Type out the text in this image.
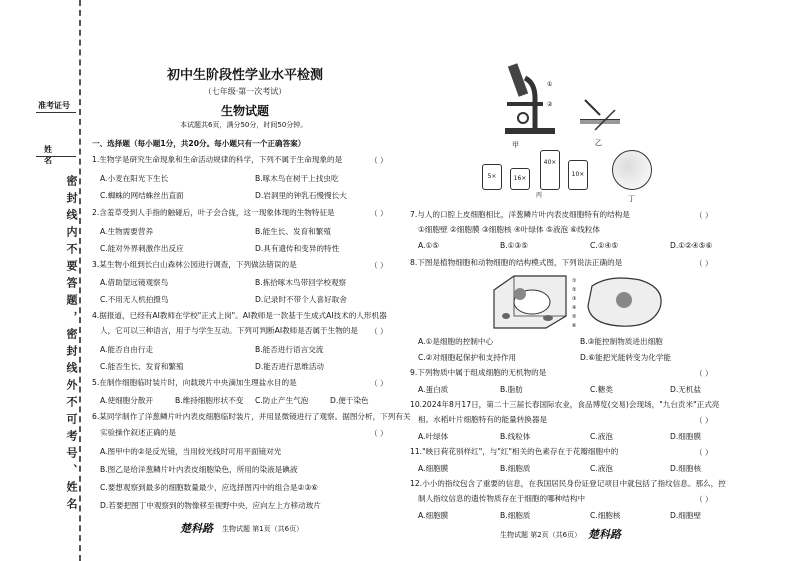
准考证号
姓名
密封线内不要答题，密封线外不可考号、姓名
初中生阶段性学业水平检测
（七年级·第一次考试）
生物试题
本试题共6页，满分50分，时间50分钟。
一、选择题（每小题1分，共20分。每小题只有一个正确答案）
1.生物学是研究生命现象和生命活动规律的科学，下列不属于生命现象的是	（ ）
A.小麦在阳光下生长	B.啄木鸟在树干上找虫吃
C.蜘蛛的网结蛛丝出直面	D.岩洞里的钟乳石慢慢长大
2.含羞草受到人手指的触碰后，叶子会合拢，这一现象体现的生物特征是	（ ）
A.生物需要营养	B.能生长、发育和繁殖
C.能对外界刺激作出反应	D.具有遗传和变异的特性
3.某生物小组到长白山森林公园进行调查，下列做法错误的是	（ ）
A.借助望远镜观察鸟	B.拣拾啄木鸟带回学校观察
C.不用无人机拍摄鸟	D.记录时不带个人喜好取舍
4.据报道，已经有AI教师在学校"正式上岗"。AI教师是一款基于生成式AI技术的人形机器
人，它可以三种语言，用于与学生互动。下列可判断AI教师是否属于生物的是 （ ）
A.能否自由行走	B.能否进行语言交流
C.能否生长、发育和繁殖	D.能否进行思维活动
5.在制作细胞临时装片时，向载玻片中央滴加生理盐水目的是	（ ）
A.使细胞分散开	B.维持细胞形状不变 C.防止产生气泡	D.便于染色
6.某同学制作了洋葱鳞片叶内表皮细胞临时装片，并用显微镜进行了观察。据图分析，下列有关
实验操作叙述正确的是	（ ）
A.图甲中的②是反光镜，当用较光线时可用平面镜对光
B.图乙是给洋葱鳞片叶内表皮细胞染色，所用的染液是碘液
C.要想观察到最多的细胞数量最少，应选择图丙中的组合是②③⑥
D.若要把图丁中观察到的物像移至视野中央，应向左上方移动玻片
楚科路 生物试题 第1页（共6页）
①
②
甲	乙
5×	16×
40×
10×
丙	丁
7.与人的口腔上皮细胞相比，洋葱鳞片叶内表皮细胞特有的结构是	（ ）
①细胞壁 ②细胞膜 ③细胞核 ④叶绿体 ⑤液泡 ⑥线粒体
A.①⑤	B.①③⑤	C.①④⑤	D.①②④⑤⑥
8.下图是植物细胞和动物细胞的结构模式图，下列说法正确的是	（ ）
①
②
③
④
⑤
⑥
A.①是细胞的控制中心	B.③能控制物质进出细胞
C.②对细胞起保护和支持作用	D.⑥能把光能转变为化学能
9.下列物质中属于组成细胞的无机物的是	（ ）
A.蛋白质	B.脂肪	C.糖类	D.无机盐
10.2024年8月17日，第二十三届长春国际农业，食品博览(交易)会现场，"九台贡米"正式亮
相。水稻叶片细胞特有的能量转换器是	（ ）
A.叶绿体	B.线粒体	C.液泡	D.细胞膜
11."映日荷花别样红"，与"红"相关的色素存在于花瓣细胞中的	（ ）
A.细胞膜	B.细胞质	C.液泡	D.细胞核
12.小小的指纹包含了重要的信息，在我国居民身份证登记项目中就包括了指纹信息。那么，控
制人指纹信息的遗传物质存在于细胞的哪种结构中	（ ）
A.细胞膜	B.细胞质	C.细胞核	D.细胞壁
生物试题 第2页（共6页） 楚科路
